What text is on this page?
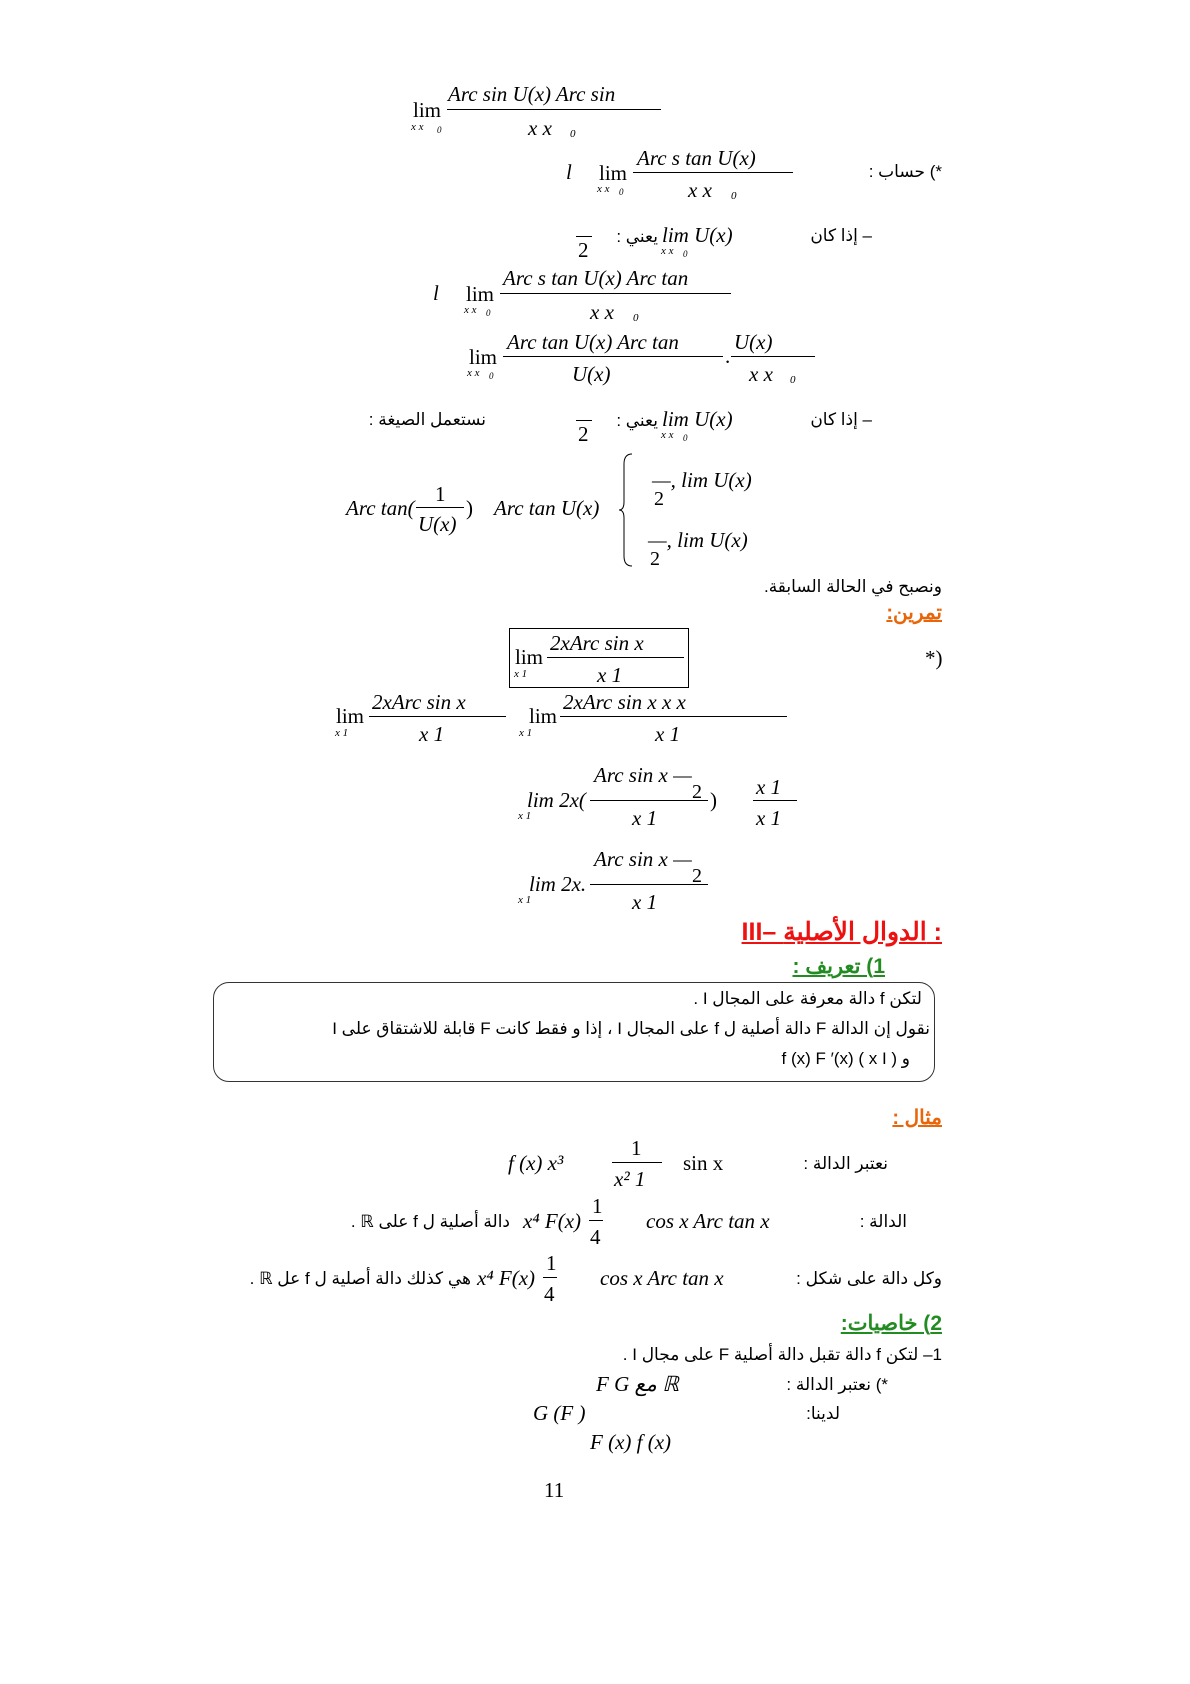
lim
x x 0
Arc sin U(x) Arc sin
x x 0
*) حساب :
l lim
x x 0
Arc s tan U(x)
x x 0
– إذا كان
lim U(x)
x x 0
يعني :
2
l lim
x x 0
Arc s tan U(x) Arc tan
x x 0
lim
x x 0
Arc tan U(x) Arc tan
U(x)
.
U(x)
x x 0
– إذا كان
lim U(x)
x x 0
يعني :
2
نستعمل الصيغة :
Arc tan(
1
U(x)
) Arc tan U(x)
—, lim U(x)
2
—, lim U(x)
2
ونصبح في الحالة السابقة.
تمرين:
*)
lim
x 1
2xArc sin x
x 1
lim
x 1
2xArc sin x
x 1
lim
x 1
2xArc sin x x x
x 1
lim 2x(
x 1
Arc sin x —
2 )
x 1
x 1
x 1
lim 2x.
x 1
Arc sin x —
2
x 1
III– الدوال الأصلية :
1) تعريف :
لتكن f دالة معرفة على المجال I .
نقول إن الدالة F دالة أصلية ل f على المجال I ، إذا و فقط كانت F قابلة للاشتقاق على I
و f (x) F ′(x) ( x I )
مثال :
نعتبر الدالة :
f (x) x³
1
x² 1
sin x
الدالة :
cos x Arc tan x
1
4
x⁴ F(x)
دالة أصلية ل f على ℝ .
وكل دالة على شكل :
cos x Arc tan x
1
4
x⁴ F(x)
هي كذلك دالة أصلية ل f عل ℝ .
2) خاصيات:
1– لتكن f دالة تقبل دالة أصلية F على مجال I .
*) نعتبر الدالة :
F G مع ℝ
لدينا:
G (F )
F (x) f (x)
11
